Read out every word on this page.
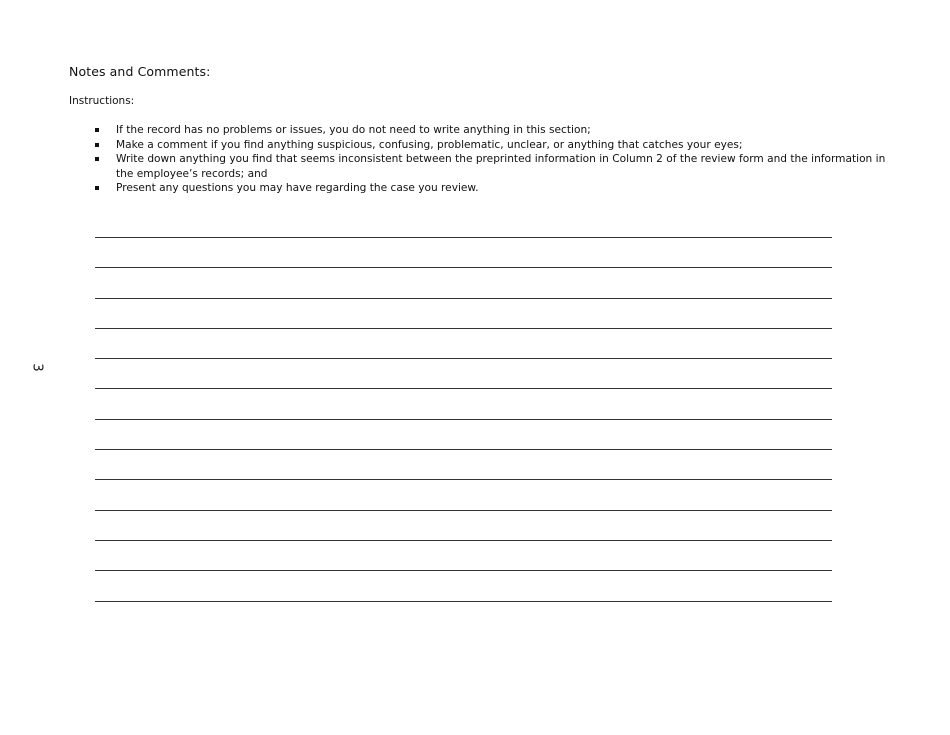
Notes and Comments:
Instructions:
If the record has no problems or issues, you do not need to write anything in this section;
Make a comment if you find anything suspicious, confusing, problematic, unclear, or anything that catches your eyes;
Write down anything you find that seems inconsistent between the preprinted information in Column 2 of the review form and the information in the employee’s records; and
Present any questions you may have regarding the case you review.
3
